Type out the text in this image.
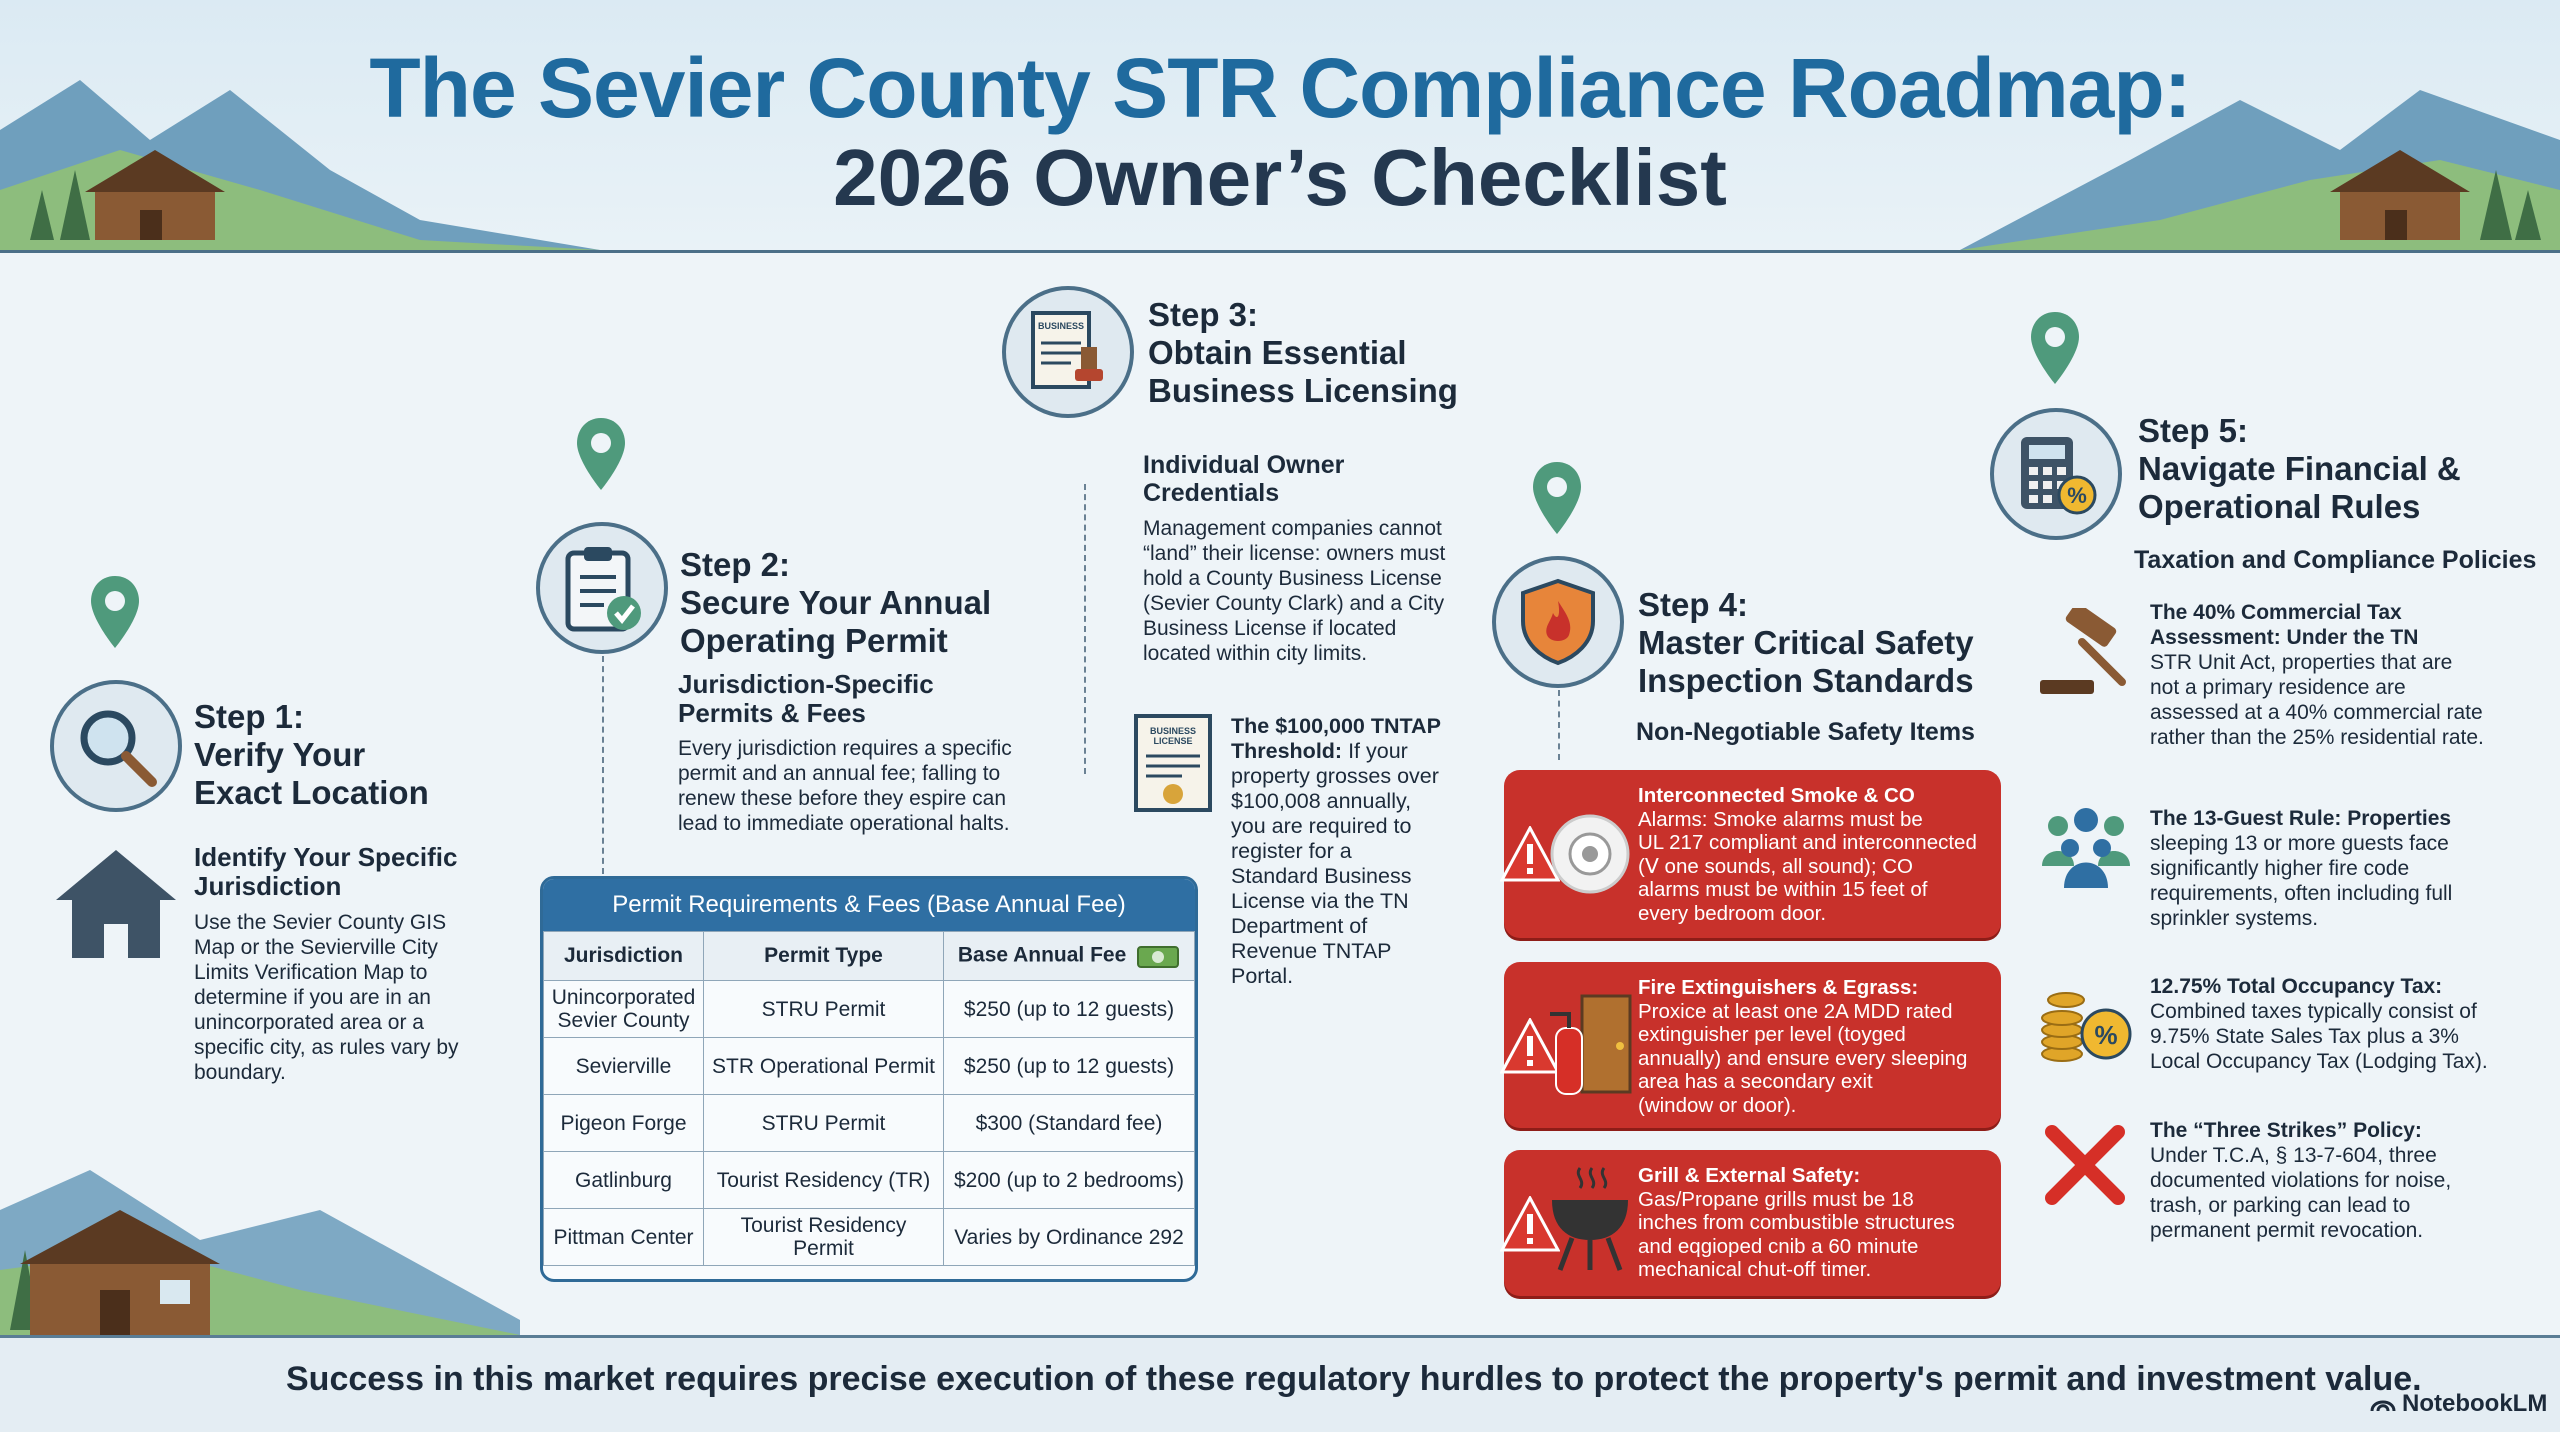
The Sevier County STR Compliance Roadmap:
2026 Owner’s Checklist
Step 1:
Verify Your
Exact Location
Identify Your Specific
Jurisdiction
Use the Sevier County GIS
Map or the Sevierville City
Limits Verification Map to
determine if you are in an
unincorporated area or a
specific city, as rules vary by
boundary.
Step 2:
Secure Your Annual
Operating Permit
Jurisdiction-Specific
Permits & Fees
Every jurisdiction requires a specific
permit and an annual fee; falling to
renew these before they espire can
lead to immediate operational halts.
Permit Requirements & Fees (Base Annual Fee)
Jurisdiction	Permit Type	Base Annual Fee
Unincorporated Sevier County	STRU Permit	$250 (up to 12 guests)
Sevierville	STR Operational Permit	$250 (up to 12 guests)
Pigeon Forge	STRU Permit	$300 (Standard fee)
Gatlinburg	Tourist Residency (TR)	$200 (up to 2 bedrooms)
Pittman Center	Tourist Residency Permit	Varies by Ordinance 292
BUSINESS Step 3:
Obtain Essential
Business Licensing
Individual Owner
Credentials
Management companies cannot
“land” their license: owners must
hold a County Business License
(Sevier County Clark) and a City
Business License if located
located within city limits.
BUSINESS
LICENSE
The $100,000 TNTAP
Threshold: If your
property grosses over
$100,008 annually,
you are required to
register for a
Standard Business
License via the TN
Department of
Revenue TNTAP
Portal.
Step 4:
Master Critical Safety
Inspection Standards
Non-Negotiable Safety Items
Interconnected Smoke & CO
Alarms: Smoke alarms must be
UL 217 compliant and interconnected
(Ⅴ one sounds, all sound); CO
alarms must be within 15 feet of
every bedroom door.
Fire Extinguishers & Egrass:
Proxice at least one 2A MDD rated
extinguisher per level (toyged
annually) and ensure every sleeping
area has a secondary exit
(window or door).
Grill & External Safety:
Gas/Propane grills must be 18
inches from combustible structures
and eqgioped cnib a 60 minute
mechanical chut-off timer.
%
Step 5:
Navigate Financial &
Operational Rules
Taxation and Compliance Policies
The 40% Commercial Tax
Assessment: Under the TN
STR Unit Act, properties that are
not a primary residence are
assessed at a 40% commercial rate
rather than the 25% residential rate.
The 13-Guest Rule: Properties
sleeping 13 or more guests face
significantly higher fire code
requirements, often including full
sprinkler systems.
%
12.75% Total Occupancy Tax:
Combined taxes typically consist of
9.75% State Sales Tax plus a 3%
Local Occupancy Tax (Lodging Tax).
The “Three Strikes” Policy:
Under T.C.A, § 13-7-604, three
documented violations for noise,
trash, or parking can lead to
permanent permit revocation.
Success in this market requires precise execution of these regulatory hurdles to protect the property's permit and investment value.
NotebookLM
